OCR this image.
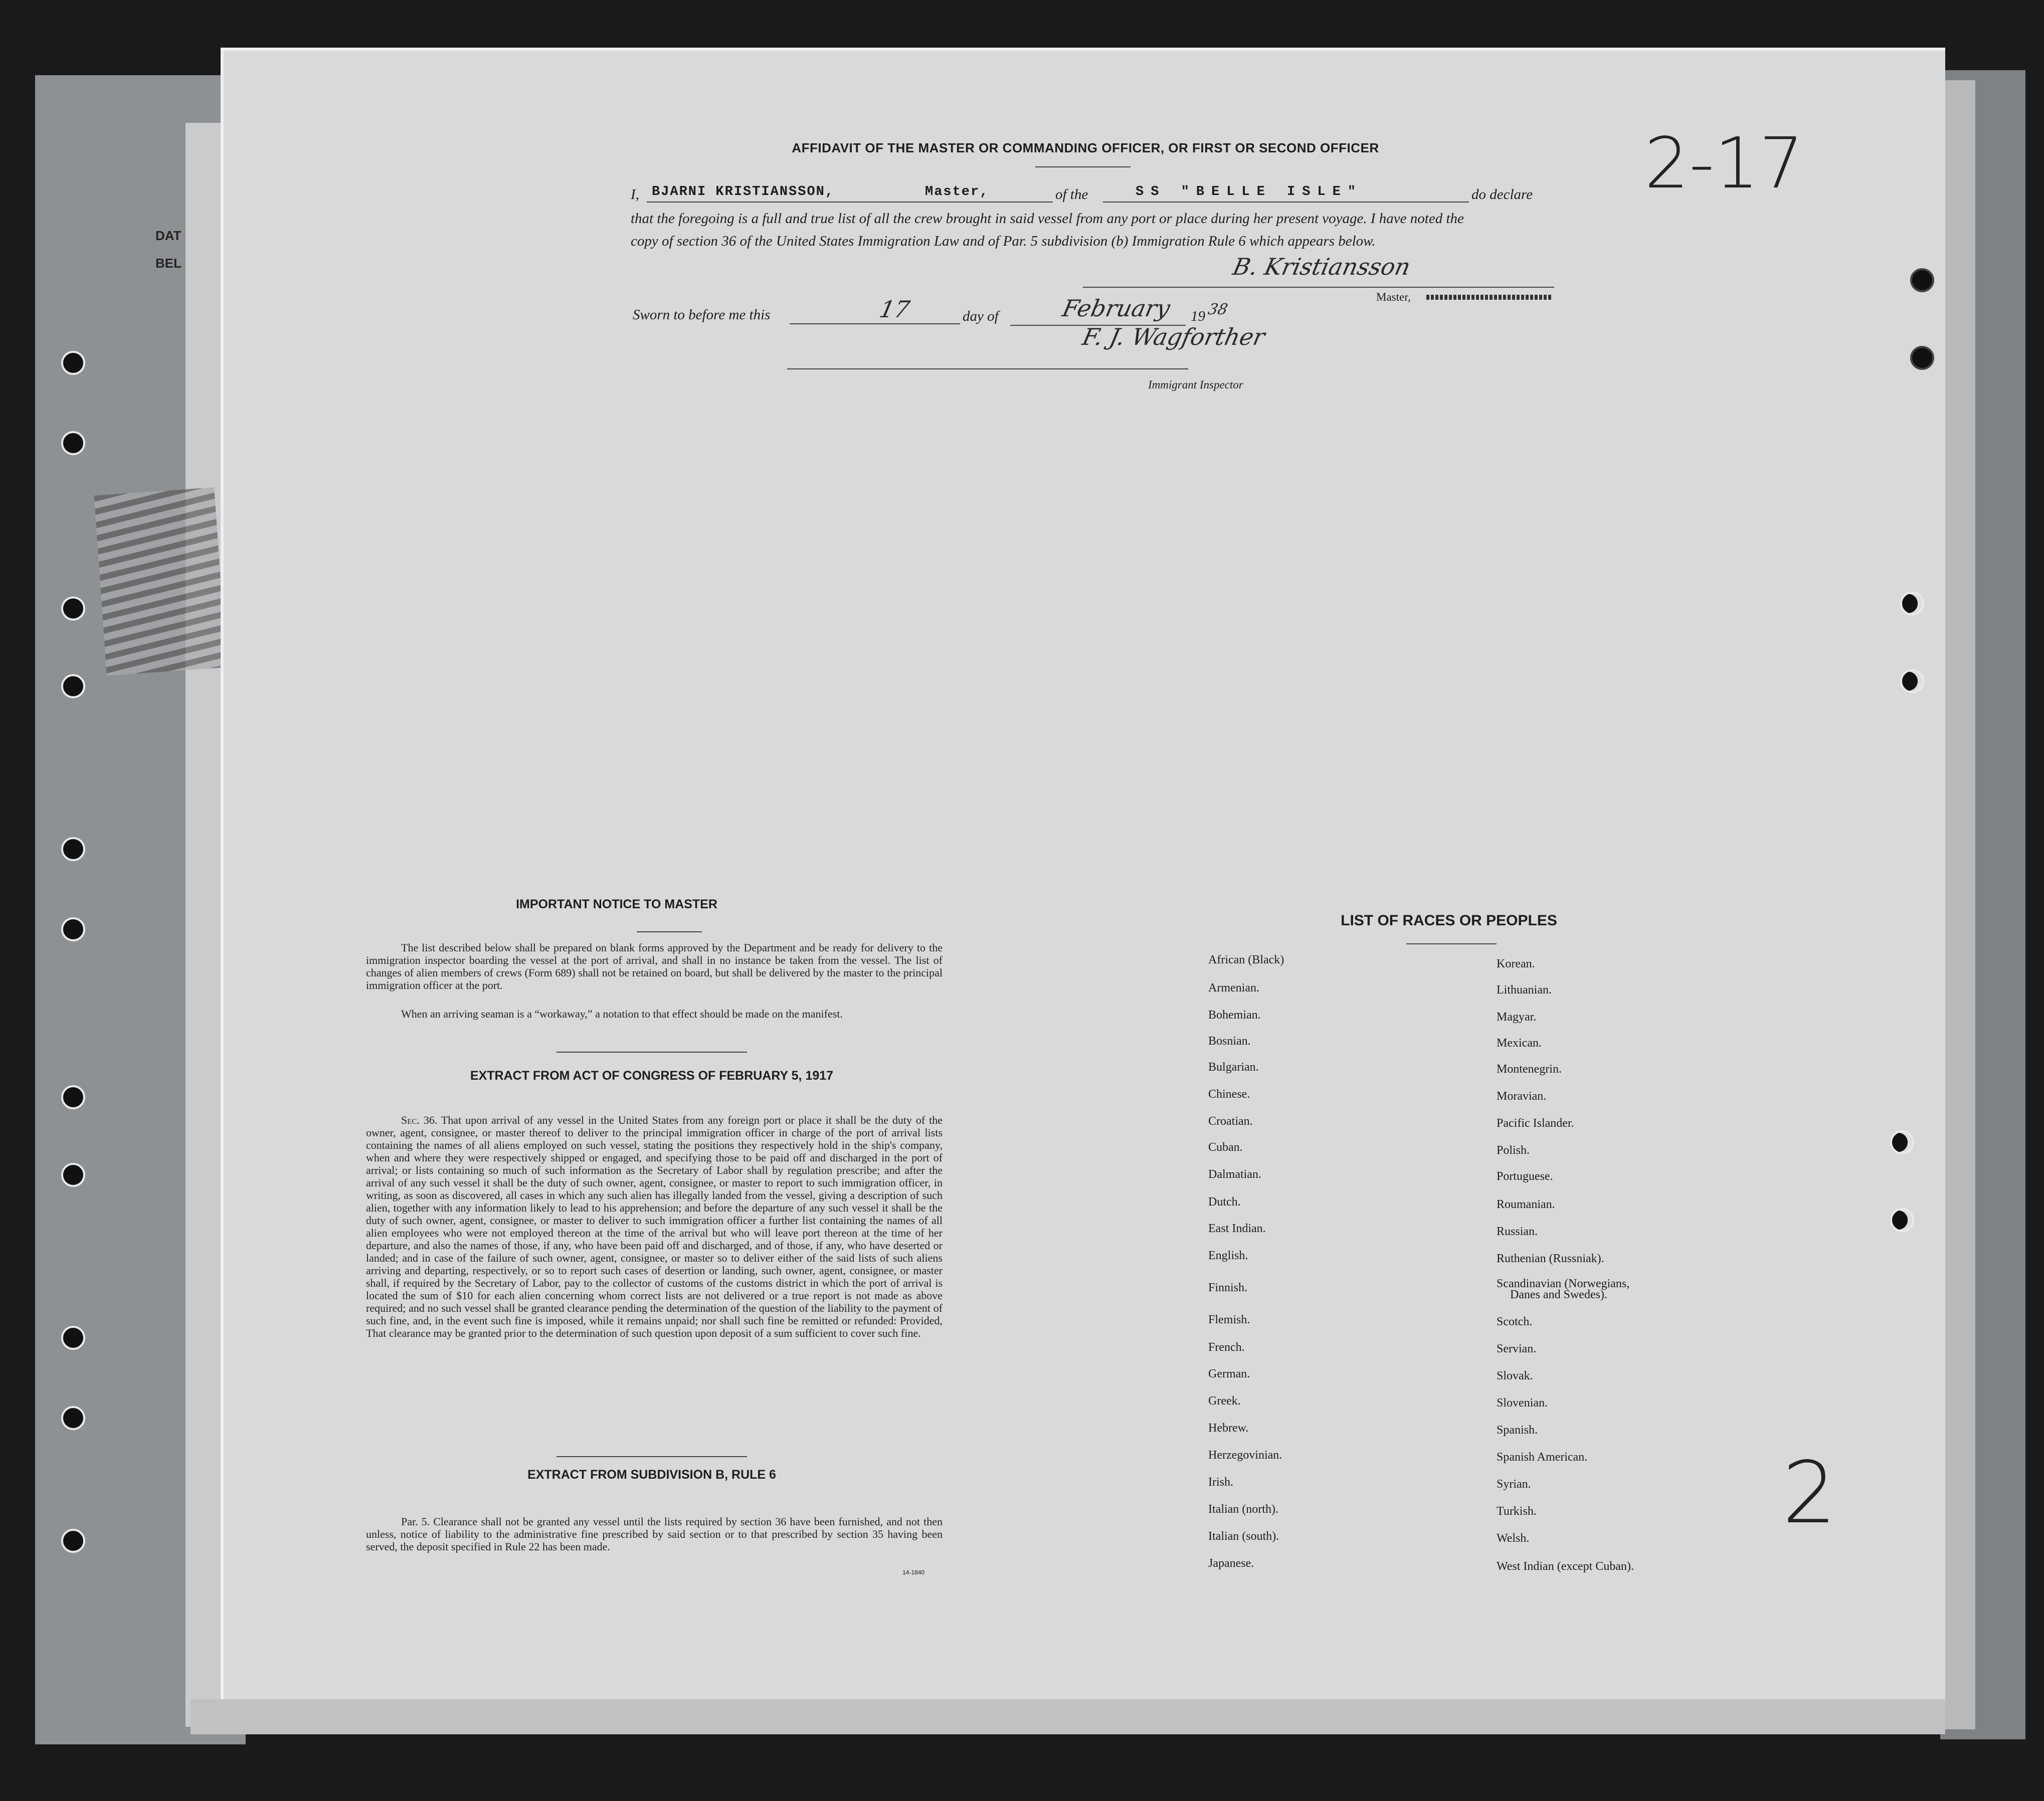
DAT
BEL
AFFIDAVIT OF THE MASTER OR COMMANDING OFFICER, OR FIRST OR SECOND OFFICER
I, BJARNI KRISTIANSSON,	Master,	of the	SS "BELLE ISLE"	do declare
that the foregoing is a full and true list of all the crew brought in said vessel from any port or place during her present voyage. I have noted the
copy of section 36 of the United States Immigration Law and of Par. 5 subdivision (b) Immigration Rule 6 which appears below.
B. Kristiansson
Master,
Sworn to before me this	17	day of	February 19 38
F. J. Wagforther
Immigrant Inspector
2-17
IMPORTANT NOTICE TO MASTER
The list described below shall be prepared on blank forms approved by the Department and be ready for delivery to the immigration inspector boarding the vessel at the port of arrival, and shall in no instance be taken from the vessel. The list of changes of alien members of crews (Form 689) shall not be retained on board, but shall be delivered by the master to the principal immigration officer at the port.
When an arriving seaman is a “workaway,” a notation to that effect should be made on the manifest.
EXTRACT FROM ACT OF CONGRESS OF FEBRUARY 5, 1917
Sec. 36. That upon arrival of any vessel in the United States from any foreign port or place it shall be the duty of the owner, agent, consignee, or master thereof to deliver to the principal immigration officer in charge of the port of arrival lists containing the names of all aliens employed on such vessel, stating the positions they respectively hold in the ship's company, when and where they were respectively shipped or engaged, and specifying those to be paid off and discharged in the port of arrival; or lists containing so much of such information as the Secretary of Labor shall by regulation prescribe; and after the arrival of any such vessel it shall be the duty of such owner, agent, consignee, or master to report to such immigration officer, in writing, as soon as discovered, all cases in which any such alien has illegally landed from the vessel, giving a description of such alien, together with any information likely to lead to his apprehension; and before the departure of any such vessel it shall be the duty of such owner, agent, consignee, or master to deliver to such immigration officer a further list containing the names of all alien employees who were not employed thereon at the time of the arrival but who will leave port thereon at the time of her departure, and also the names of those, if any, who have been paid off and discharged, and of those, if any, who have deserted or landed; and in case of the failure of such owner, agent, consignee, or master so to deliver either of the said lists of such aliens arriving and departing, respectively, or so to report such cases of desertion or landing, such owner, agent, consignee, or master shall, if required by the Secretary of Labor, pay to the collector of customs of the customs district in which the port of arrival is located the sum of $10 for each alien concerning whom correct lists are not delivered or a true report is not made as above required; and no such vessel shall be granted clearance pending the determination of the question of the liability to the payment of such fine, and, in the event such fine is imposed, while it remains unpaid; nor shall such fine be remitted or refunded: Provided, That clearance may be granted prior to the determination of such question upon deposit of a sum sufficient to cover such fine.
EXTRACT FROM SUBDIVISION B, RULE 6
Par. 5. Clearance shall not be granted any vessel until the lists required by section 36 have been furnished, and not then unless, notice of liability to the administrative fine prescribed by said section or to that prescribed by section 35 having been served, the deposit specified in Rule 22 has been made.
14-1840
LIST OF RACES OR PEOPLES
Danes and Swedes).
2
African (Black)
Armenian.
Bohemian.
Bosnian.
Bulgarian.
Chinese.
Croatian.
Cuban.
Dalmatian.
Dutch.
East Indian.
English.
Finnish.
Flemish.
French.
German.
Greek.
Hebrew.
Herzegovinian.
Irish.
Italian (north).
Italian (south).
Japanese.
Korean.
Lithuanian.
Magyar.
Mexican.
Montenegrin.
Moravian.
Pacific Islander.
Polish.
Portuguese.
Roumanian.
Russian.
Ruthenian (Russniak).
Scandinavian (Norwegians,
Scotch.
Servian.
Slovak.
Slovenian.
Spanish.
Spanish American.
Syrian.
Turkish.
Welsh.
West Indian (except Cuban).
